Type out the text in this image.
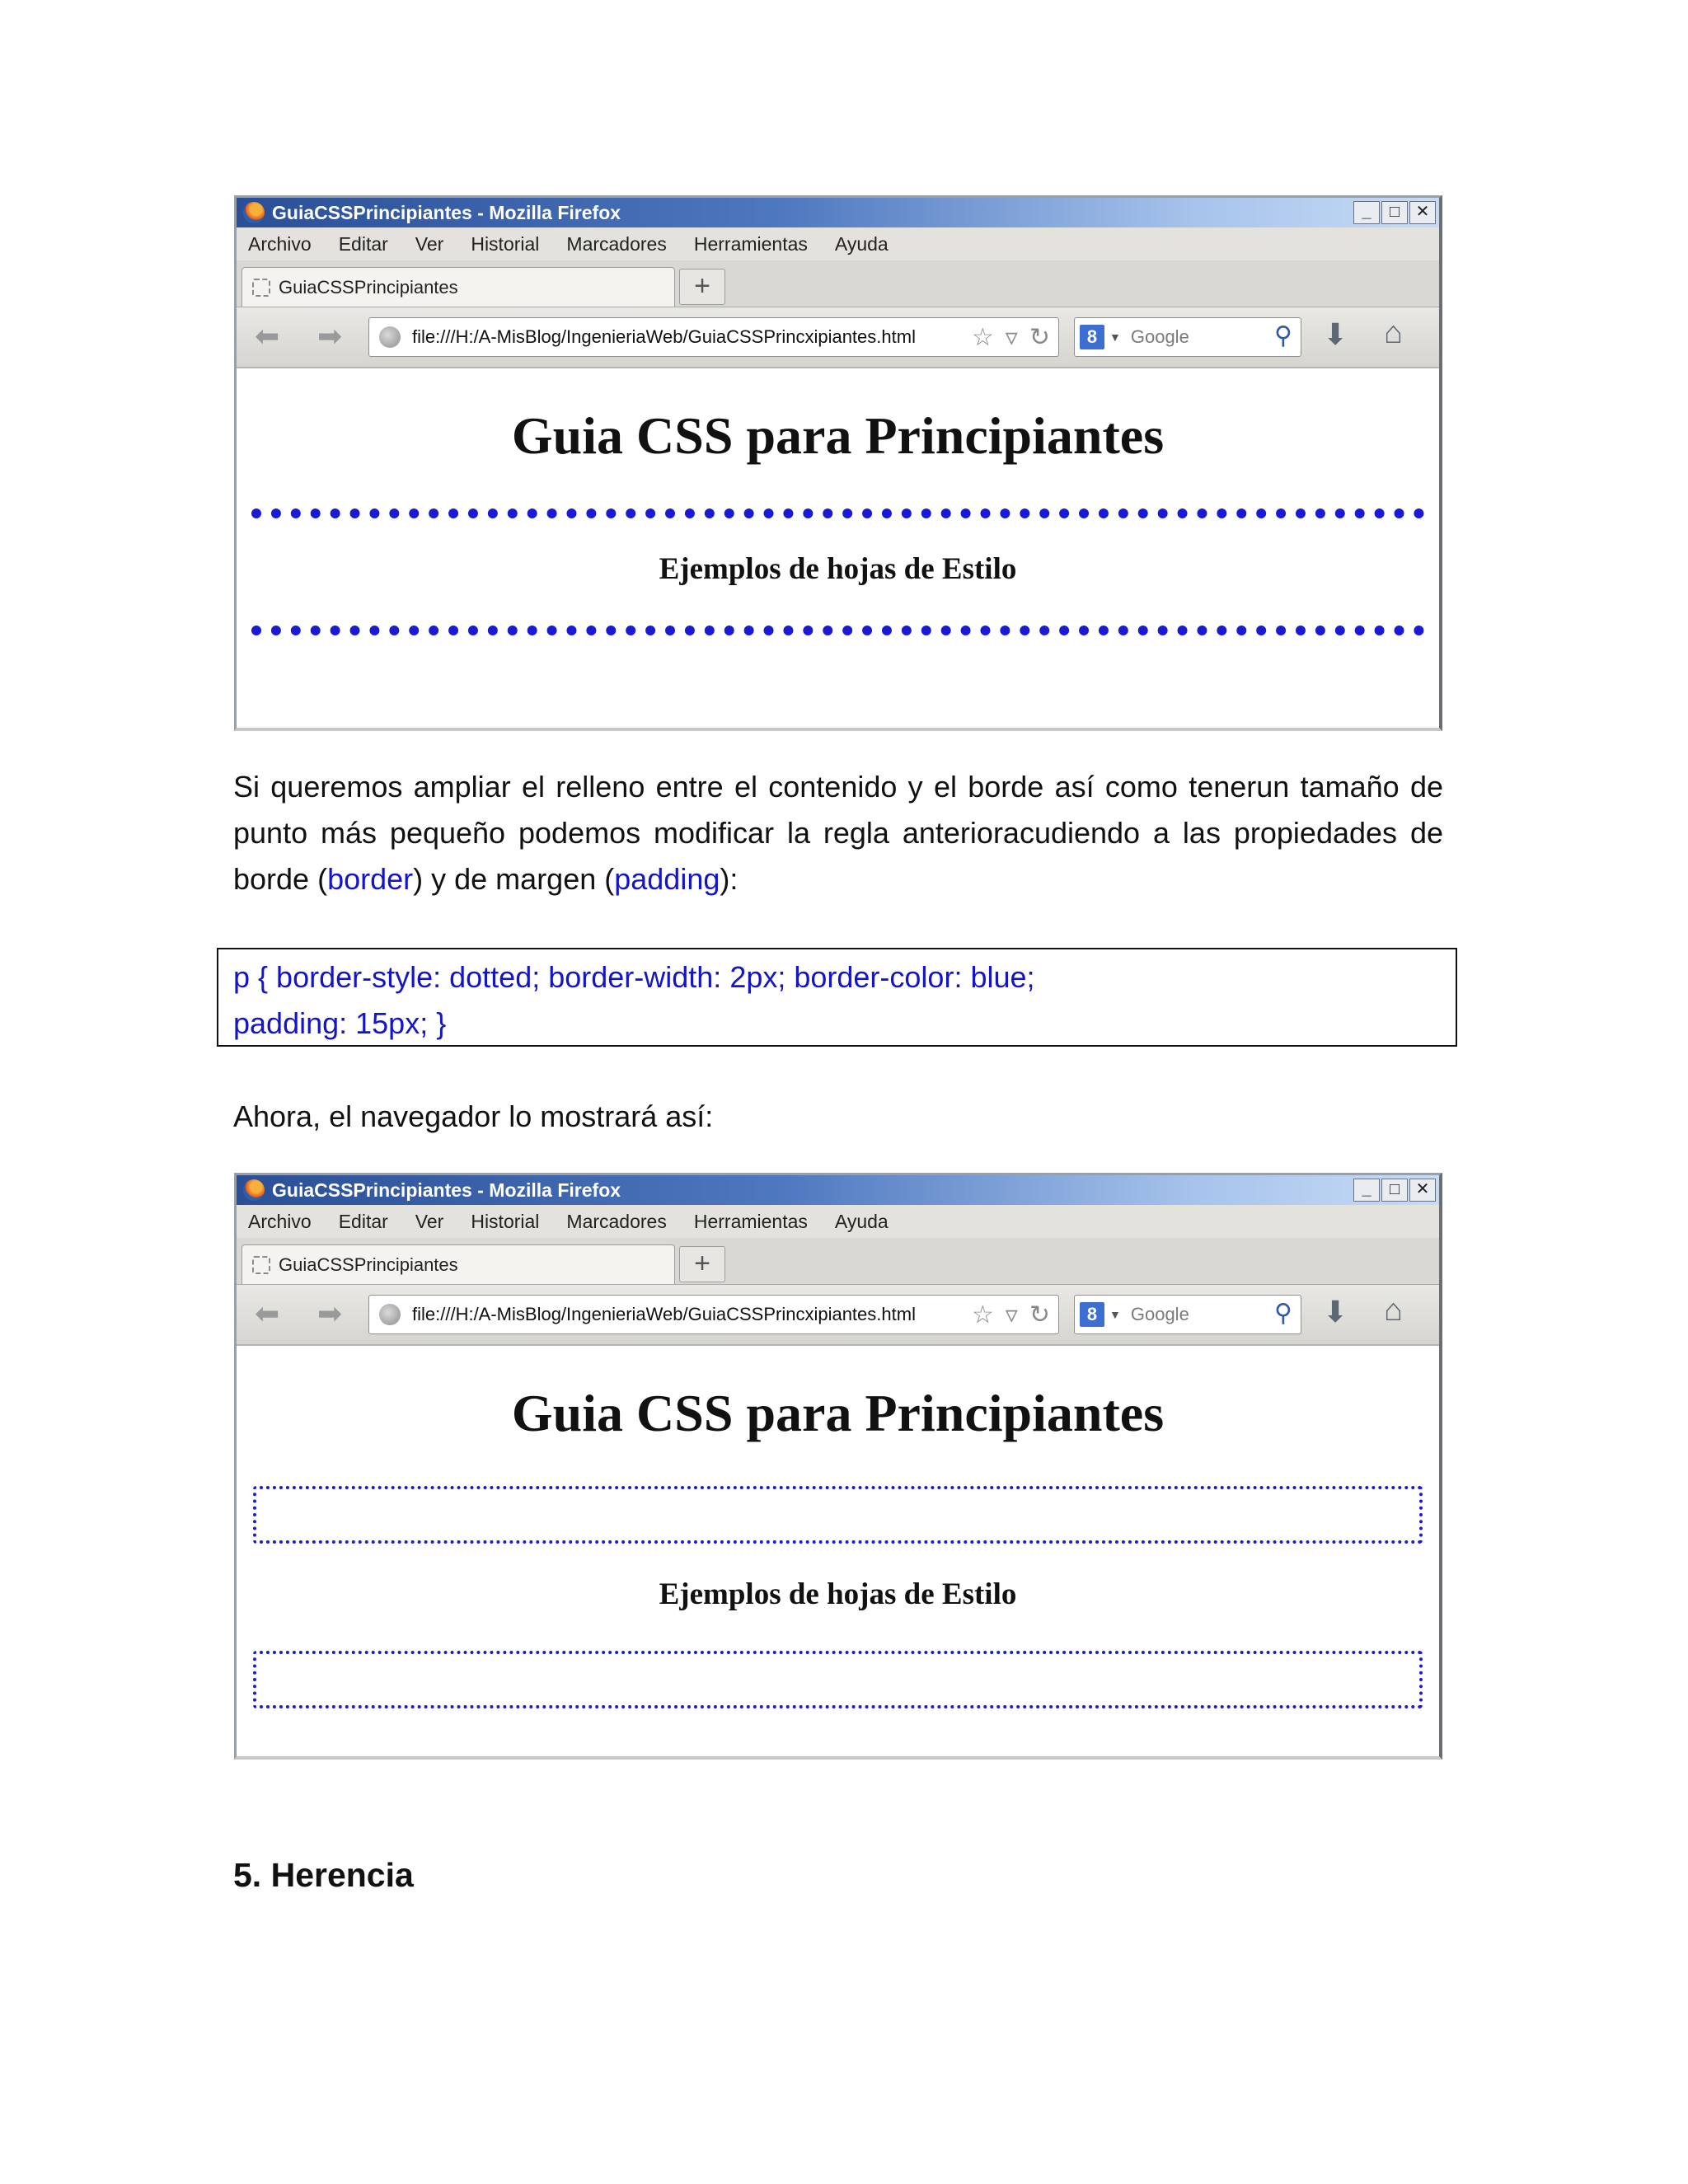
GuiaCSSPrincipiantes - Mozilla Firefox	_	□ ✕
Archivo Editar Ver Historial Marcadores Herramientas Ayuda
GuiaCSSPrincipiantes	+
⬅ ➡	file:///H:/A-MisBlog/IngenieriaWeb/GuiaCSSPrincxipiantes.html ☆ ▿ ↻	8	▼ Google	⚲ ⬇ ⌂
Guia CSS para Principiantes
Ejemplos de hojas de Estilo
Si queremos ampliar el relleno entre el contenido y el borde así como tenerun tamaño de punto más pequeño podemos modificar la regla anterioracudiendo a las propiedades de borde (border) y de margen (padding):
p { border-style: dotted; border-width: 2px; border-color: blue;
padding: 15px; }
Ahora, el navegador lo mostrará así:
GuiaCSSPrincipiantes - Mozilla Firefox	_	□ ✕
Archivo Editar Ver Historial Marcadores Herramientas Ayuda
GuiaCSSPrincipiantes	+
⬅ ➡	file:///H:/A-MisBlog/IngenieriaWeb/GuiaCSSPrincxipiantes.html ☆ ▿ ↻	8	▼ Google	⚲ ⬇ ⌂
Guia CSS para Principiantes
Ejemplos de hojas de Estilo
5. Herencia
